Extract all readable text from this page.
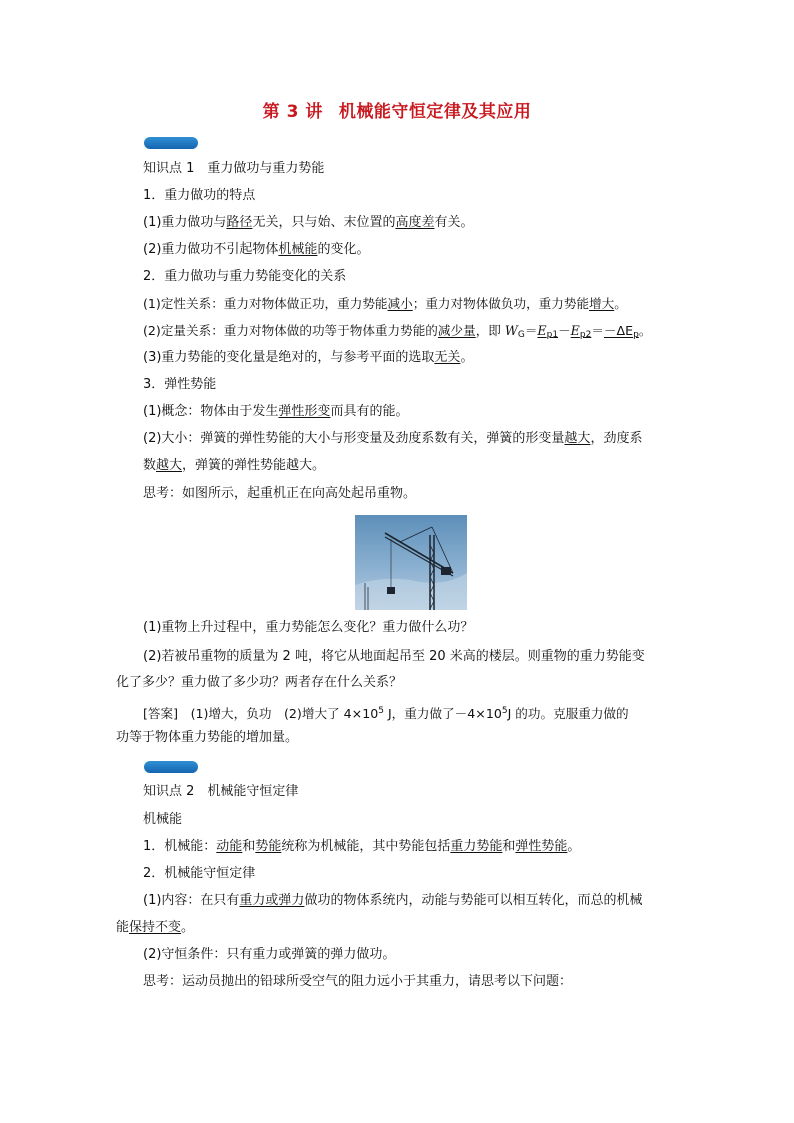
第 3 讲 机械能守恒定律及其应用
知识点 1　重力做功与重力势能
1．重力做功的特点
(1)重力做功与路径无关，只与始、末位置的高度差有关。
(2)重力做功不引起物体机械能的变化。
2．重力做功与重力势能变化的关系
(1)定性关系：重力对物体做正功，重力势能减小；重力对物体做负功，重力势能增大。
(2)定量关系：重力对物体做的功等于物体重力势能的减少量，即 $W_G=E_{p1}-E_{p2}=-\Delta E_p$。
(3)重力势能的变化量是绝对的，与参考平面的选取无关。
3．弹性势能
(1)概念：物体由于发生弹性形变而具有的能。
(2)大小：弹簧的弹性势能的大小与形变量及劲度系数有关，弹簧的形变量越大，劲度系
数越大，弹簧的弹性势能越大。
思考：如图所示，起重机正在向高处起吊重物。
(1)重物上升过程中，重力势能怎么变化？重力做什么功？
(2)若被吊重物的质量为 2 吨，将它从地面起吊至 20 米高的楼层。则重物的重力势能变
化了多少？重力做了多少功？两者存在什么关系？
[答案]　(1)增大，负功　(2)增大了 $4\times 10^5$ J，重力做了$-4\times 10^5J$ 的功。克服重力做的
功等于物体重力势能的增加量。
知识点 2　机械能守恒定律
机械能
1．机械能：动能和势能统称为机械能，其中势能包括重力势能和弹性势能。
2．机械能守恒定律
(1)内容：在只有重力或弹力做功的物体系统内，动能与势能可以相互转化，而总的机械
能保持不变。
(2)守恒条件：只有重力或弹簧的弹力做功。
思考：运动员抛出的铅球所受空气的阻力远小于其重力，请思考以下问题：
